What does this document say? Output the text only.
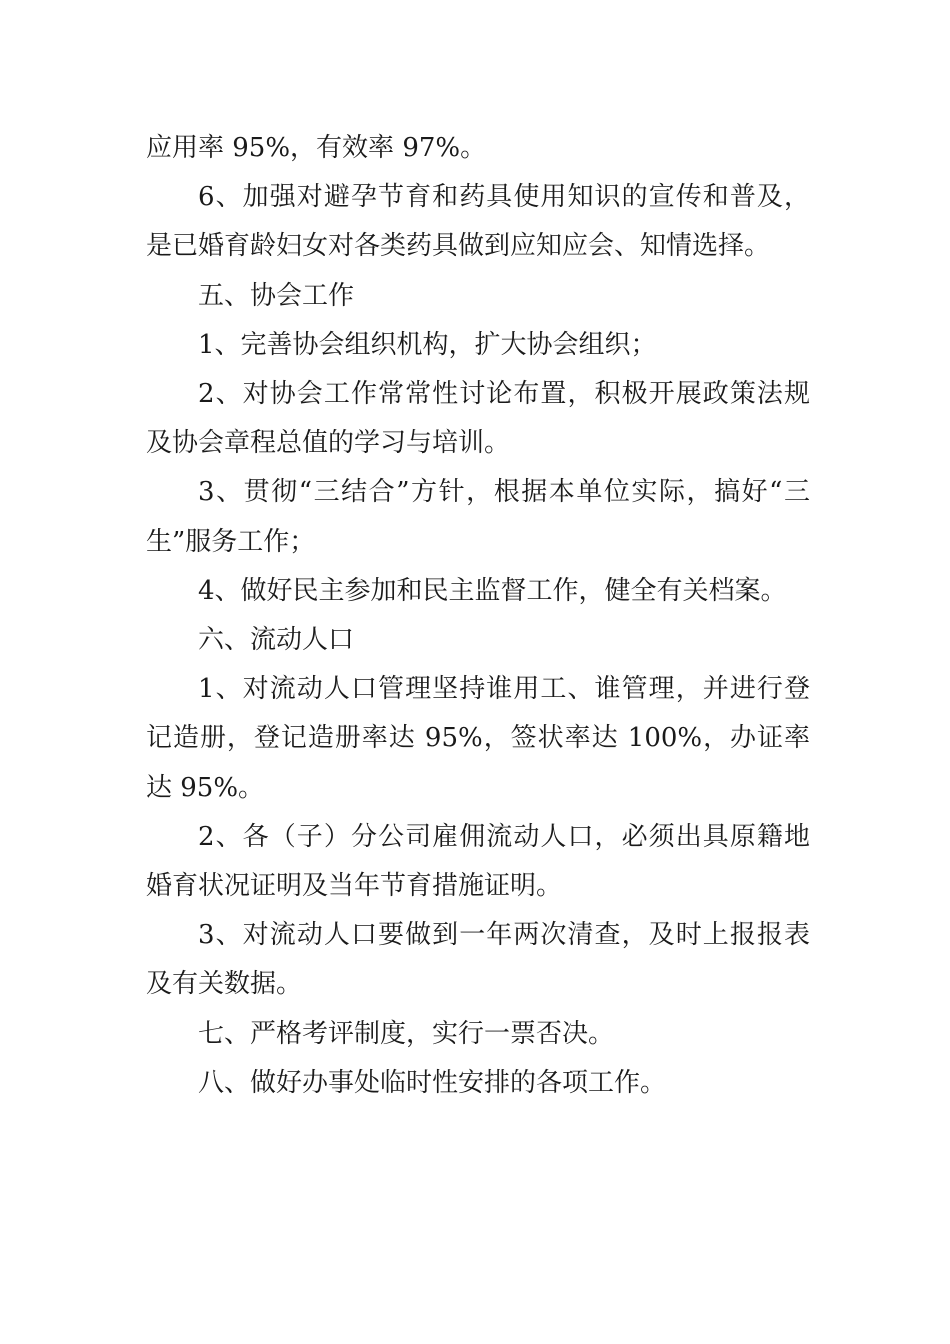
应用率 95%，有效率 97%。

6、加强对避孕节育和药具使用知识的宣传和普及，是已婚育龄妇女对各类药具做到应知应会、知情选择。

五、协会工作

1、完善协会组织机构，扩大协会组织；

2、对协会工作常常性讨论布置，积极开展政策法规及协会章程总值的学习与培训。

3、贯彻“三结合”方针，根据本单位实际，搞好“三生”服务工作；

4、做好民主参加和民主监督工作，健全有关档案。

六、流动人口

1、对流动人口管理坚持谁用工、谁管理，并进行登记造册，登记造册率达 95%，签状率达 100%，办证率达 95%。

2、各（子）分公司雇佣流动人口，必须出具原籍地婚育状况证明及当年节育措施证明。

3、对流动人口要做到一年两次清查，及时上报报表及有关数据。

七、严格考评制度，实行一票否决。

八、做好办事处临时性安排的各项工作。
